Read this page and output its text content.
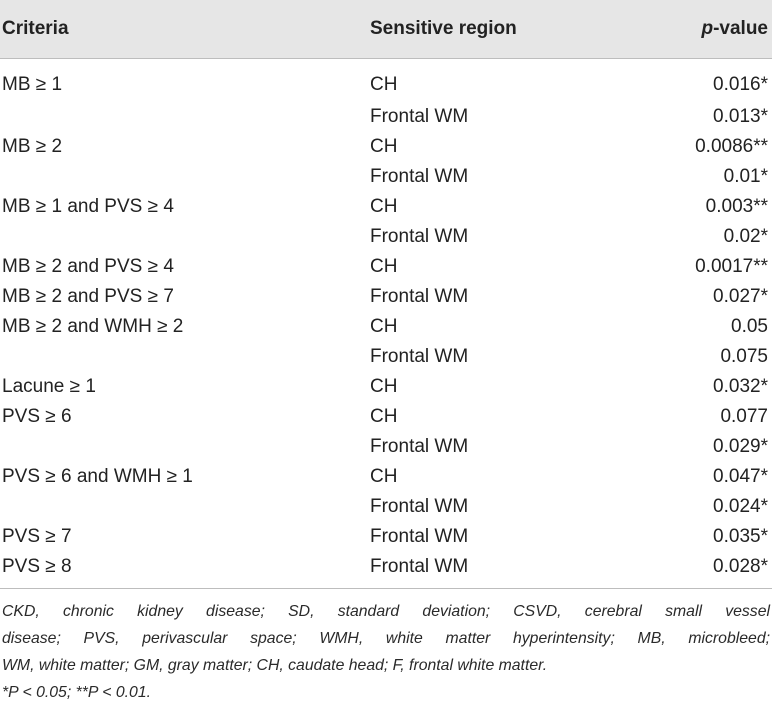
Criteria	Sensitive region	p-value
MB ≥ 1	CH	0.016*
	Frontal WM	0.013*
MB ≥ 2	CH	0.0086**
	Frontal WM	0.01*
MB ≥ 1 and PVS ≥ 4	CH	0.003**
	Frontal WM	0.02*
MB ≥ 2 and PVS ≥ 4	CH	0.0017**
MB ≥ 2 and PVS ≥ 7	Frontal WM	0.027*
MB ≥ 2 and WMH ≥ 2	CH	0.05
	Frontal WM	0.075
Lacune ≥ 1	CH	0.032*
PVS ≥ 6	CH	0.077
	Frontal WM	0.029*
PVS ≥ 6 and WMH ≥ 1	CH	0.047*
	Frontal WM	0.024*
PVS ≥ 7	Frontal WM	0.035*
PVS ≥ 8	Frontal WM	0.028*

CKD, chronic kidney disease; SD, standard deviation; CSVD, cerebral small vessel

disease; PVS, perivascular space; WMH, white matter hyperintensity; MB, microbleed;

WM, white matter; GM, gray matter; CH, caudate head; F, frontal white matter.

*P < 0.05; **P < 0.01.
